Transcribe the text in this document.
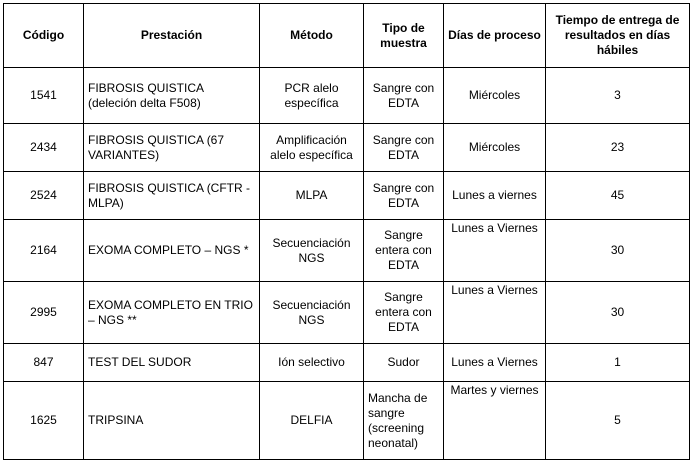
Código	Prestación	Método	Tipo de muestra	Días de proceso	Tiempo de entrega de resultados en días hábiles
1541	FIBROSIS QUISTICA (deleción delta F508)	PCR alelo específica	Sangre con EDTA	Miércoles	3
2434	FIBROSIS QUISTICA (67 VARIANTES)	Amplificación alelo específica	Sangre con EDTA	Miércoles	23
2524	FIBROSIS QUISTICA (CFTR - MLPA)	MLPA	Sangre con EDTA	Lunes a viernes	45
2164	EXOMA COMPLETO – NGS *	Secuenciación NGS	Sangre entera con EDTA	Lunes a Viernes	30
2995	EXOMA COMPLETO EN TRIO – NGS **	Secuenciación NGS	Sangre entera con EDTA	Lunes a Viernes	30
847	TEST DEL SUDOR	Ión selectivo	Sudor	Lunes a Viernes	1
1625	TRIPSINA	DELFIA	Mancha de sangre (screening neonatal)	Martes y viernes	5
